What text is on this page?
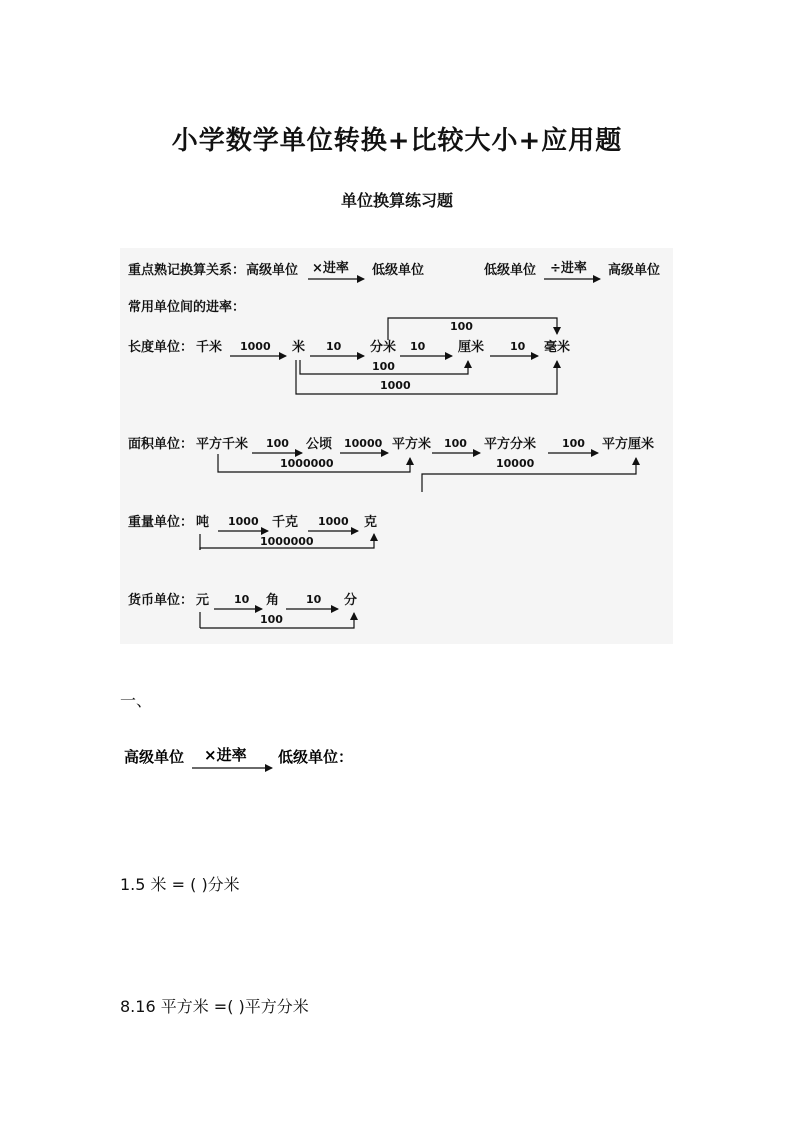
小学数学单位转换+比较大小+应用题
单位换算练习题
重点熟记换算关系： 高级单位 ×进率 低级单位	低级单位 ÷进率 高级单位
常用单位间的进率：
长度单位： 千米 1000 米 10 分米 10	厘米 10 毫米
100
100
1000
面积单位： 平方千米 100 公顷 10000 平方米 100 平方分米 100 平方厘米
1000000	10000
重量单位： 吨 1000 千克 1000 克
1000000
货币单位： 元 10 角 10 分
100
一、
高级单位 ×进率 低级单位：
1.5 米 = ( )分米
8.16 平方米 =( )平方分米
